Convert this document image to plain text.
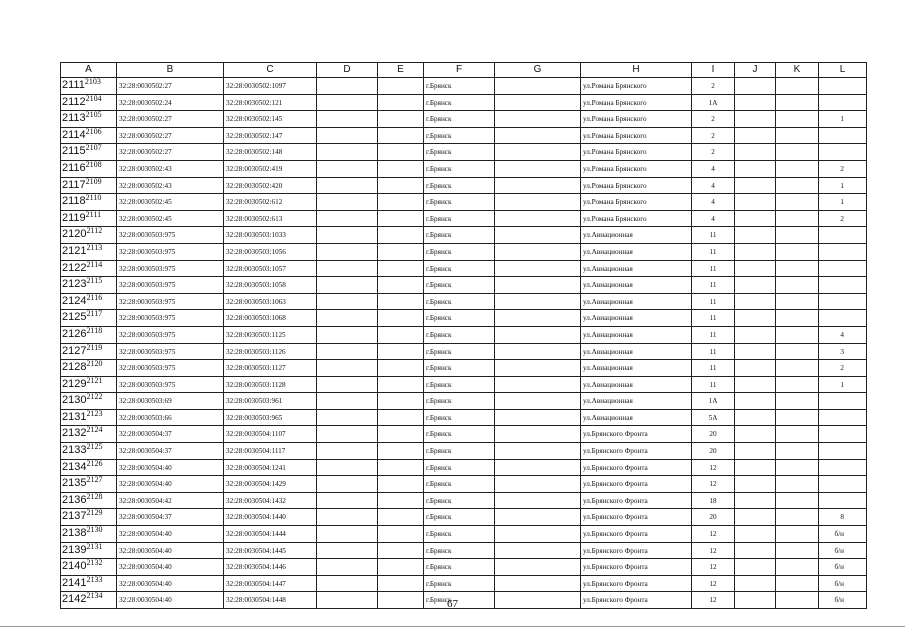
A	B	C	D	E	F	G	H	I	J	K	L
$2111^{2103}$	32:28:0030502:27	32:28:0030502:1097			г.Брянск		ул.Романа Брянского	2			
$2112^{2104}$	32:28:0030502:24	32:28:0030502:121			г.Брянск		ул.Романа Брянского	1А			
$2113^{2105}$	32:28:0030502:27	32:28:0030502:145			г.Брянск		ул.Романа Брянского	2			1
$2114^{2106}$	32:28:0030502:27	32:28:0030502:147			г.Брянск		ул.Романа Брянского	2			
$2115^{2107}$	32:28:0030502:27	32:28:0030502:148			г.Брянск		ул.Романа Брянского	2			
$2116^{2108}$	32:28:0030502:43	32:28:0030502:419			г.Брянск		ул.Романа Брянского	4			2
$2117^{2109}$	32:28:0030502:43	32:28:0030502:420			г.Брянск		ул.Романа Брянского	4			1
$2118^{2110}$	32:28:0030502:45	32:28:0030502:612			г.Брянск		ул.Романа Брянского	4			1
$2119^{2111}$	32:28:0030502:45	32:28:0030502:613			г.Брянск		ул.Романа Брянского	4			2
$2120^{2112}$	32:28:0030503:975	32:28:0030503:1033			г.Брянск		ул.Авиационная	11			
$2121^{2113}$	32:28:0030503:975	32:28:0030503:1056			г.Брянск		ул.Авиационная	11			
$2122^{2114}$	32:28:0030503:975	32:28:0030503:1057			г.Брянск		ул.Авиационная	11			
$2123^{2115}$	32:28:0030503:975	32:28:0030503:1058			г.Брянск		ул.Авиационная	11			
$2124^{2116}$	32:28:0030503:975	32:28:0030503:1063			г.Брянск		ул.Авиационная	11			
$2125^{2117}$	32:28:0030503:975	32:28:0030503:1068			г.Брянск		ул.Авиационная	11			
$2126^{2118}$	32:28:0030503:975	32:28:0030503:1125			г.Брянск		ул.Авиационная	11			4
$2127^{2119}$	32:28:0030503:975	32:28:0030503:1126			г.Брянск		ул.Авиационная	11			3
$2128^{2120}$	32:28:0030503:975	32:28:0030503:1127			г.Брянск		ул.Авиационная	11			2
$2129^{2121}$	32:28:0030503:975	32:28:0030503:1128			г.Брянск		ул.Авиационная	11			1
$2130^{2122}$	32:28:0030503:69	32:28:0030503:961			г.Брянск		ул.Авиационная	1А			
$2131^{2123}$	32:28:0030503:66	32:28:0030503:965			г.Брянск		ул.Авиационная	5А			
$2132^{2124}$	32:28:0030504:37	32:28:0030504:1107			г.Брянск		ул.Брянского Фронта	20			
$2133^{2125}$	32:28:0030504:37	32:28:0030504:1117			г.Брянск		ул.Брянского Фронта	20			
$2134^{2126}$	32:28:0030504:40	32:28:0030504:1241			г.Брянск		ул.Брянского Фронта	12			
$2135^{2127}$	32:28:0030504:40	32:28:0030504:1429			г.Брянск		ул.Брянского Фронта	12			
$2136^{2128}$	32:28:0030504:42	32:28:0030504:1432			г.Брянск		ул.Брянского Фронта	18			
$2137^{2129}$	32:28:0030504:37	32:28:0030504:1440			г.Брянск		ул.Брянского Фронта	20			8
$2138^{2130}$	32:28:0030504:40	32:28:0030504:1444			г.Брянск		ул.Брянского Фронта	12			б/н
$2139^{2131}$	32:28:0030504:40	32:28:0030504:1445			г.Брянск		ул.Брянского Фронта	12			б/н
$2140^{2132}$	32:28:0030504:40	32:28:0030504:1446			г.Брянск		ул.Брянского Фронта	12			б/н
$2141^{2133}$	32:28:0030504:40	32:28:0030504:1447			г.Брянск		ул.Брянского Фронта	12			б/н
$2142^{2134}$	32:28:0030504:40	32:28:0030504:1448			г.Брянск		ул.Брянского Фронта	12			б/н
67
